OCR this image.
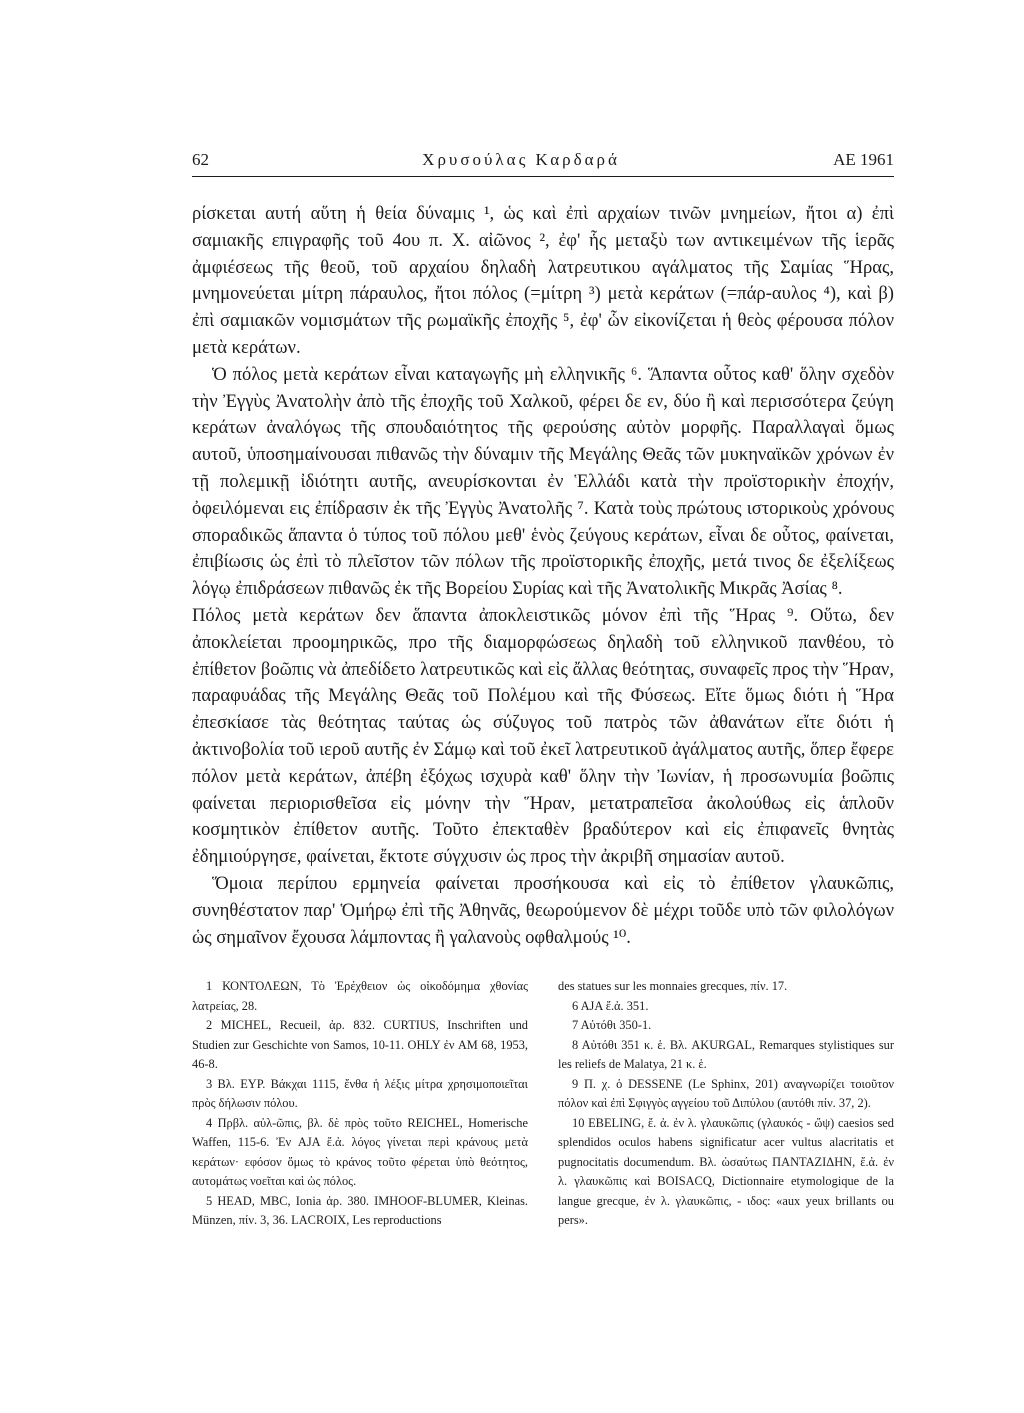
62	Χρυσούλας Καρδαρά	ΑΕ 1961

ρίσκεται αυτή αὕτη ἡ θεία δύναμις ¹, ὡς καὶ ἐπὶ αρχαίων τινῶν μνημείων, ἤτοι α) ἐπὶ σαμιακῆς επιγραφῆς τοῦ 4ου π. Χ. αἰῶνος ², ἐφ' ἧς μεταξὺ των αντικειμένων τῆς ἱερᾶς ἀμφιέσεως τῆς θεοῦ, τοῦ αρχαίου δηλαδὴ λατρευτικου αγάλματος τῆς Σαμίας Ἥρας, μνημονεύεται μίτρη πάραυλος, ἤτοι πόλος (=μίτρη ³) μετὰ κεράτων (=πάρ-αυλος ⁴), καὶ β) ἐπὶ σαμιακῶν νομισμάτων τῆς ρωμαϊκῆς ἐποχῆς ⁵, ἐφ' ὧν εἰκονίζεται ἡ θεὸς φέρουσα πόλον μετὰ κεράτων.

Ὁ πόλος μετὰ κεράτων εἶναι καταγωγῆς μὴ ελληνικῆς ⁶. Ἅπαντα οὗτος καθ' ὅλην σχεδὸν τὴν Ἐγγὺς Ἀνατολὴν ἀπὸ τῆς ἐποχῆς τοῦ Χαλκοῦ, φέρει δε εν, δύο ἢ καὶ περισσότερα ζεύγη κεράτων ἀναλόγως τῆς σπουδαιότητος τῆς φερούσης αὐτὸν μορφῆς. Παραλλαγαὶ ὅμως αυτοῦ, ὑποσημαίνουσαι πιθανῶς τὴν δύναμιν τῆς Μεγάλης Θεᾶς τῶν μυκηναϊκῶν χρόνων ἐν τῇ πολεμικῇ ἰδιότητι αυτῆς, ανευρίσκονται ἐν Ἑλλάδι κατὰ τὴν προϊστορικὴν ἐποχήν, ὀφειλόμεναι εις ἐπίδρασιν ἐκ τῆς Ἐγγὺς Ἀνατολῆς ⁷. Κατὰ τοὺς πρώτους ιστορικοὺς χρόνους σποραδικῶς ἅπαντα ὁ τύπος τοῦ πόλου μεθ' ἑνὸς ζεύγους κεράτων, εἶναι δε οὗτος, φαίνεται, ἐπιβίωσις ὡς ἐπὶ τὸ πλεῖστον τῶν πόλων τῆς προϊστορικῆς ἐποχῆς, μετά τινος δε ἐξελίξεως λόγῳ ἐπιδράσεων πιθανῶς ἐκ τῆς Βορείου Συρίας καὶ τῆς Ἀνατολικῆς Μικρᾶς Ἀσίας ⁸.

Πόλος μετὰ κεράτων δεν ἅπαντα ἀποκλειστικῶς μόνον ἐπὶ τῆς Ἥρας ⁹. Οὕτω, δεν ἀποκλείεται προομηρικῶς, προ τῆς διαμορφώσεως δηλαδὴ τοῦ ελληνικοῦ πανθέου, τὸ ἐπίθετον βοῶπις νὰ ἀπεδίδετο λατρευτικῶς καὶ εἰς ἄλλας θεότητας, συναφεῖς προς τὴν Ἥραν, παραφυάδας τῆς Μεγάλης Θεᾶς τοῦ Πολέμου καὶ τῆς Φύσεως. Εἴτε ὅμως διότι ἡ Ἥρα ἐπεσκίασε τὰς θεότητας ταύτας ὡς σύζυγος τοῦ πατρὸς τῶν ἀθανάτων εἴτε διότι ἡ ἀκτινοβολία τοῦ ιεροῦ αυτῆς ἐν Σάμῳ καὶ τοῦ ἐκεῖ λατρευτικοῦ ἀγάλματος αυτῆς, ὅπερ ἔφερε πόλον μετὰ κεράτων, ἀπέβη ἐξόχως ισχυρὰ καθ' ὅλην τὴν Ἰωνίαν, ἡ προσωνυμία βοῶπις φαίνεται περιορισθεῖσα εἰς μόνην τὴν Ἥραν, μετατραπεῖσα ἀκολούθως εἰς ἁπλοῦν κοσμητικὸν ἐπίθετον αυτῆς. Τοῦτο ἐπεκταθὲν βραδύτερον καὶ εἰς ἐπιφανεῖς θνητὰς ἐδημιούργησε, φαίνεται, ἔκτοτε σύγχυσιν ὡς προς τὴν ἀκριβῆ σημασίαν αυτοῦ.

Ὅμοια περίπου ερμηνεία φαίνεται προσήκουσα καὶ εἰς τὸ ἐπίθετον γλαυκῶπις, συνηθέστατον παρ' Ὁμήρῳ ἐπὶ τῆς Ἀθηνᾶς, θεωρούμενον δὲ μέχρι τοῦδε υπὸ τῶν φιλολόγων ὡς σημαῖνον ἔχουσα λάμποντας ἢ γαλανοὺς οφθαλμούς ¹⁰.

1 ΚΟΝΤΟΛΕΩΝ, Τὸ Ἐρέχθειον ὡς οἰκοδόμημα χθονίας λατρείας, 28.

2 MICHEL, Recueil, ἀρ. 832. CURTIUS, Inschriften und Studien zur Geschichte von Samos, 10-11. OHLY ἐν AM 68, 1953, 46-8.

3 Βλ. ΕΥΡ. Βάκχαι 1115, ἔνθα ἡ λέξις μίτρα χρησιμοποιεῖται πρὸς δήλωσιν πόλου.

4 Πρβλ. αὐλ-ῶπις, βλ. δὲ πρὸς τοῦτο REICHEL, Homerische Waffen, 115-6. Ἐν AJA ἔ.ἀ. λόγος γίνεται περὶ κράνους μετὰ κεράτων· εφόσον ὅμως τὸ κράνος τοῦτο φέρεται ὑπὸ θεότητος, αυτομάτως νοεῖται καὶ ὡς πόλος.

5 HEAD, MBC, Ionia ἀρ. 380. IMHOOF-BLUMER, Kleinas. Münzen, πίν. 3, 36. LACROIX, Les reproductions

des statues sur les monnaies grecques, πίν. 17.

6 AJA ἔ.ἀ. 351.

7 Αὐτόθι 350-1.

8 Αὐτόθι 351 κ. ἑ. Βλ. AKURGAL, Remarques stylistiques sur les reliefs de Malatya, 21 κ. ἑ.

9 Π. χ. ὁ DESSENE (Le Sphinx, 201) αναγνωρίζει τοιοῦτον πόλον καὶ ἐπὶ Σφιγγὸς αγγείου τοῦ Διπύλου (αυτόθι πίν. 37, 2).

10 EBELING, ἔ. ἀ. ἐν λ. γλαυκῶπις (γλαυκός - ὤψ) caesios sed splendidos oculos habens significatur acer vultus alacritatis et pugnocitatis documendum. Βλ. ὡσαύτως ΠΑΝΤΑΖΙΔΗΝ, ἔ.ἀ. ἐν λ. γλαυκῶπις καὶ BOISACQ, Dictionnaire etymologique de la langue grecque, ἐν λ. γλαυκῶπις, - ιδος: «aux yeux brillants ou pers».
